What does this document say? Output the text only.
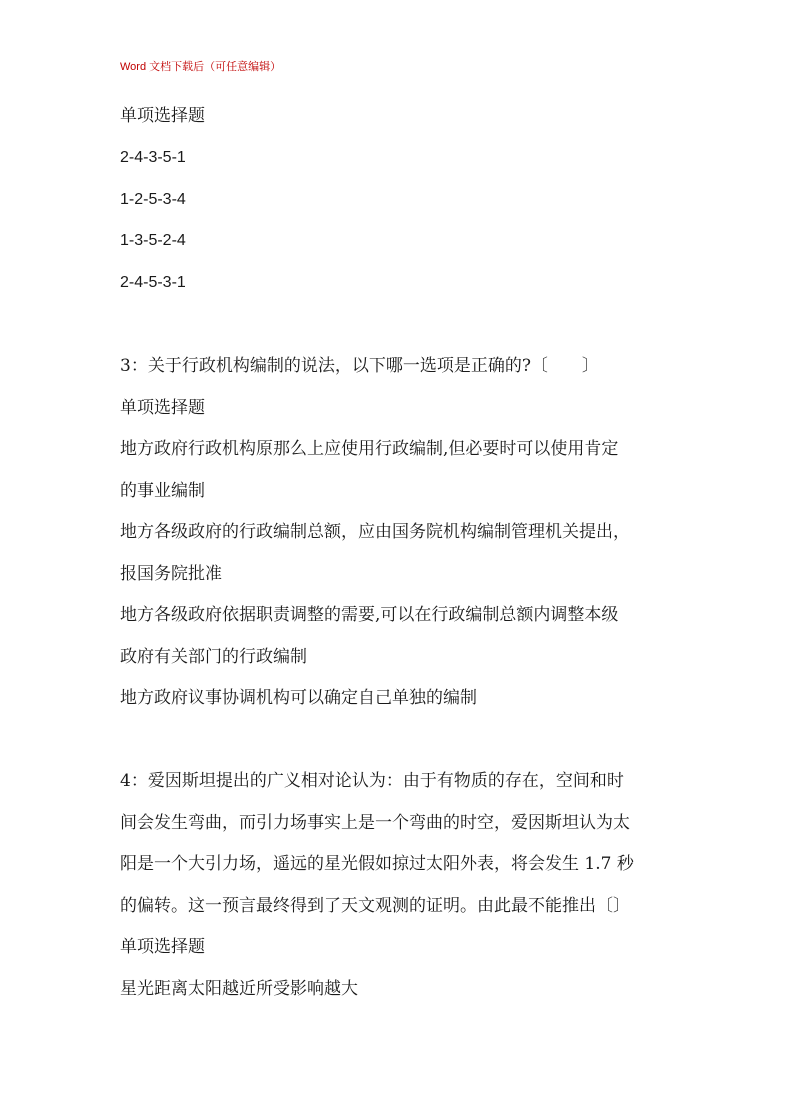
Word 文档下载后（可任意编辑）
单项选择题
2-4-3-5-1
1-2-5-3-4
1-3-5-2-4
2-4-5-3-1
3：关于行政机构编制的说法，以下哪一选项是正确的?〔　　〕
单项选择题
地方政府行政机构原那么上应使用行政编制,但必要时可以使用肯定
的事业编制
地方各级政府的行政编制总额，应由国务院机构编制管理机关提出，
报国务院批准
地方各级政府依据职责调整的需要,可以在行政编制总额内调整本级
政府有关部门的行政编制
地方政府议事协调机构可以确定自己单独的编制
4：爱因斯坦提出的广义相对论认为：由于有物质的存在，空间和时
间会发生弯曲，而引力场事实上是一个弯曲的时空，爱因斯坦认为太
阳是一个大引力场，遥远的星光假如掠过太阳外表，将会发生 1.7 秒
的偏转。这一预言最终得到了天文观测的证明。由此最不能推出〔〕
单项选择题
星光距离太阳越近所受影响越大
